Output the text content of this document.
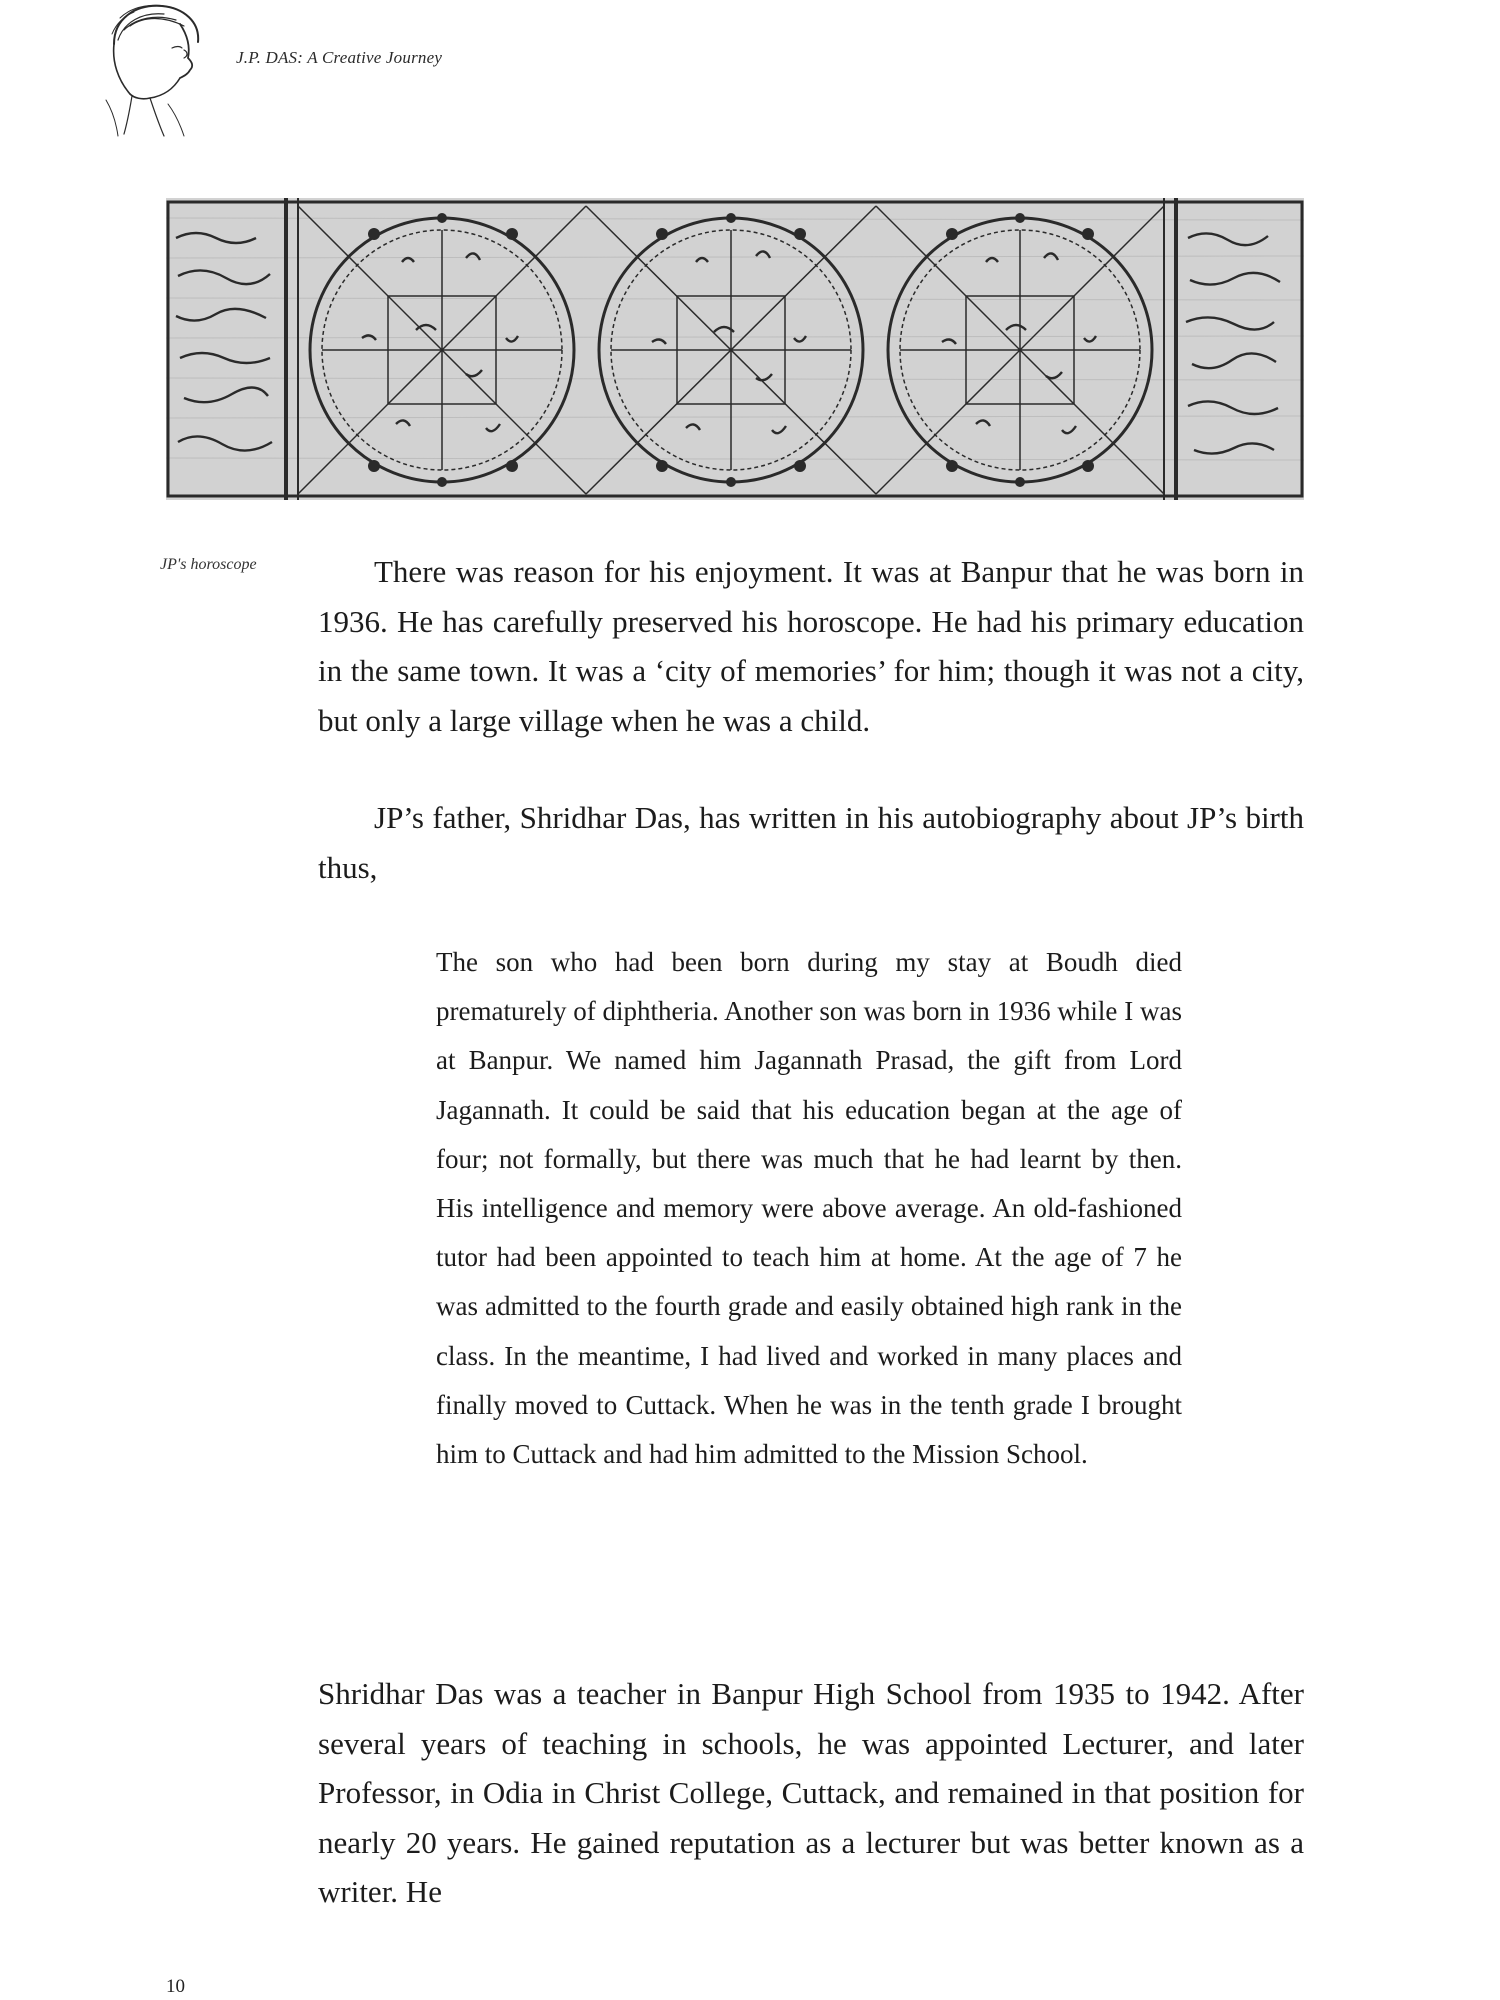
J.P. DAS: A Creative Journey
JP's horoscope	There was reason for his enjoyment. It was at Banpur that he was born in 1936. He has carefully preserved his horoscope. He had his primary education in the same town. It was a ‘city of memories’ for him; though it was not a city, but only a large village when he was a child.

JP’s father, Shridhar Das, has written in his autobiography about JP’s birth thus,

The son who had been born during my stay at Boudh died prematurely of diphtheria. Another son was born in 1936 while I was at Banpur. We named him Jagannath Prasad, the gift from Lord Jagannath. It could be said that his education began at the age of four; not formally, but there was much that he had learnt by then. His intelligence and memory were above average. An old-fashioned tutor had been appointed to teach him at home. At the age of 7 he was admitted to the fourth grade and easily obtained high rank in the class. In the meantime, I had lived and worked in many places and finally moved to Cuttack. When he was in the tenth grade I brought him to Cuttack and had him admitted to the Mission School.

Shridhar Das was a teacher in Banpur High School from 1935 to 1942. After several years of teaching in schools, he was appointed Lecturer, and later Professor, in Odia in Christ College, Cuttack, and remained in that position for nearly 20 years. He gained reputation as a lecturer but was better known as a writer. He

10
